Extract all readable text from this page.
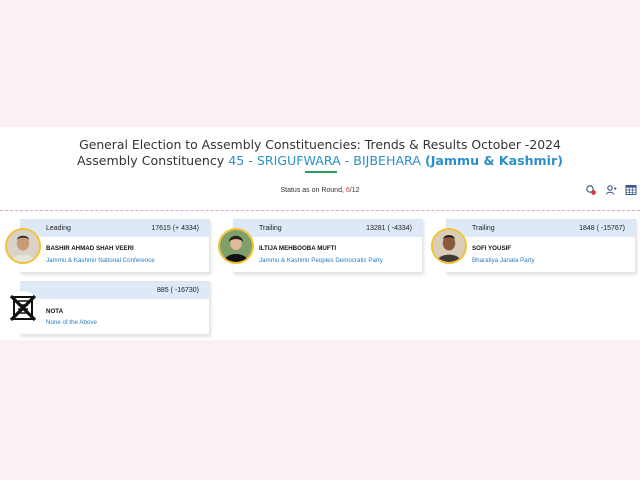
General Election to Assembly Constituencies: Trends & Results October -2024
Assembly Constituency 45 - SRIGUFWARA - BIJBEHARA (Jammu & Kashmir)
Status as on Round, 6/12
Leading	17615 (+ 4334)
BASHIR AHMAD SHAH VEERI
Jammu & Kashmir National Conference
Trailing	13281 ( -4334)
ILTIJA MEHBOOBA MUFTI
Jammu & Kashmir Peoples Democratic Party
Trailing	1848 ( -15767)
SOFI YOUSIF
Bharatiya Janata Party
885 ( -16730)
NOTA
None of the Above
